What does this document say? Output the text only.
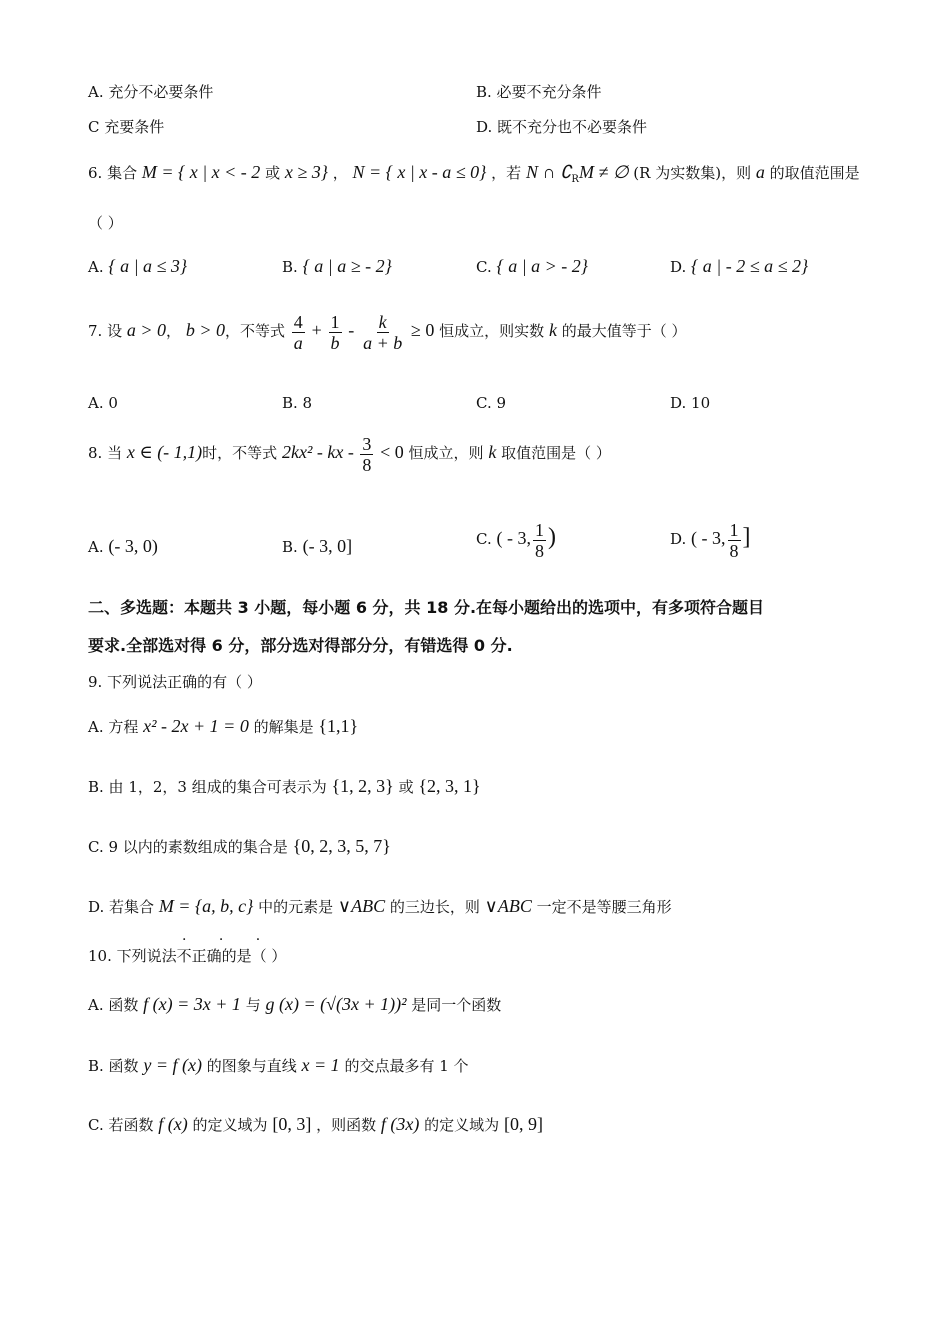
A. 充分不必要条件	B. 必要不充分条件
C 充要条件	D. 既不充分也不必要条件
6. 集合 M = { x | x < - 2 或 x ≥ 3} ， N = { x | x - a ≤ 0} ，若 N ∩ $∁_RM$ ≠ ∅ (R 为实数集)，则 a 的取值范围是
（ ）
A. { a | a ≤ 3}	B. { a | a ≥ - 2}	C. { a | a > - 2}	D. { a | - 2 ≤ a ≤ 2}
7. 设 a > 0， b > 0，不等式 $\frac{4}{a} + \frac{1}{b} - \frac{k}{a + b} \ge 0$ 恒成立，则实数 k 的最大值等于（ ）
A. 0	B. 8	C. 9	D. 10
8. 当 x ∈ (- 1,1)时，不等式 2kx² - kx - $\frac{3}{8} < 0$ 恒成立，则 k 取值范围是（ ）
A. (- 3, 0)	B. (- 3, 0]	C. ( - 3, $\frac{1}{8}$ )	D. ( - 3, $\frac{1}{8}$ ]
二、多选题：本题共 3 小题，每小题 6 分，共 18 分.在每小题给出的选项中，有多项符合题目
要求.全部选对得 6 分，部分选对得部分分，有错选得 0 分.
9. 下列说法正确的有（ ）
A. 方程 x² - 2x + 1 = 0 的解集是 {1,1}
B. 由 1，2，3 组成的集合可表示为 {1, 2, 3} 或 {2, 3, 1}
C. 9 以内的素数组成的集合是 {0, 2, 3, 5, 7}
D. 若集合 M = {a, b, c} 中的元素是 ∨ABC 的三边长，则 ∨ABC 一定不是等腰三角形
· · ·
10. 下列说法不正确的是（ ）
A. 函数 f (x) = 3x + 1 与 g (x) = (√(3x + 1))² 是同一个函数
B. 函数 y = f (x) 的图象与直线 x = 1 的交点最多有 1 个
C. 若函数 f (x) 的定义域为 [0, 3] ，则函数 f (3x) 的定义域为 [0, 9]
